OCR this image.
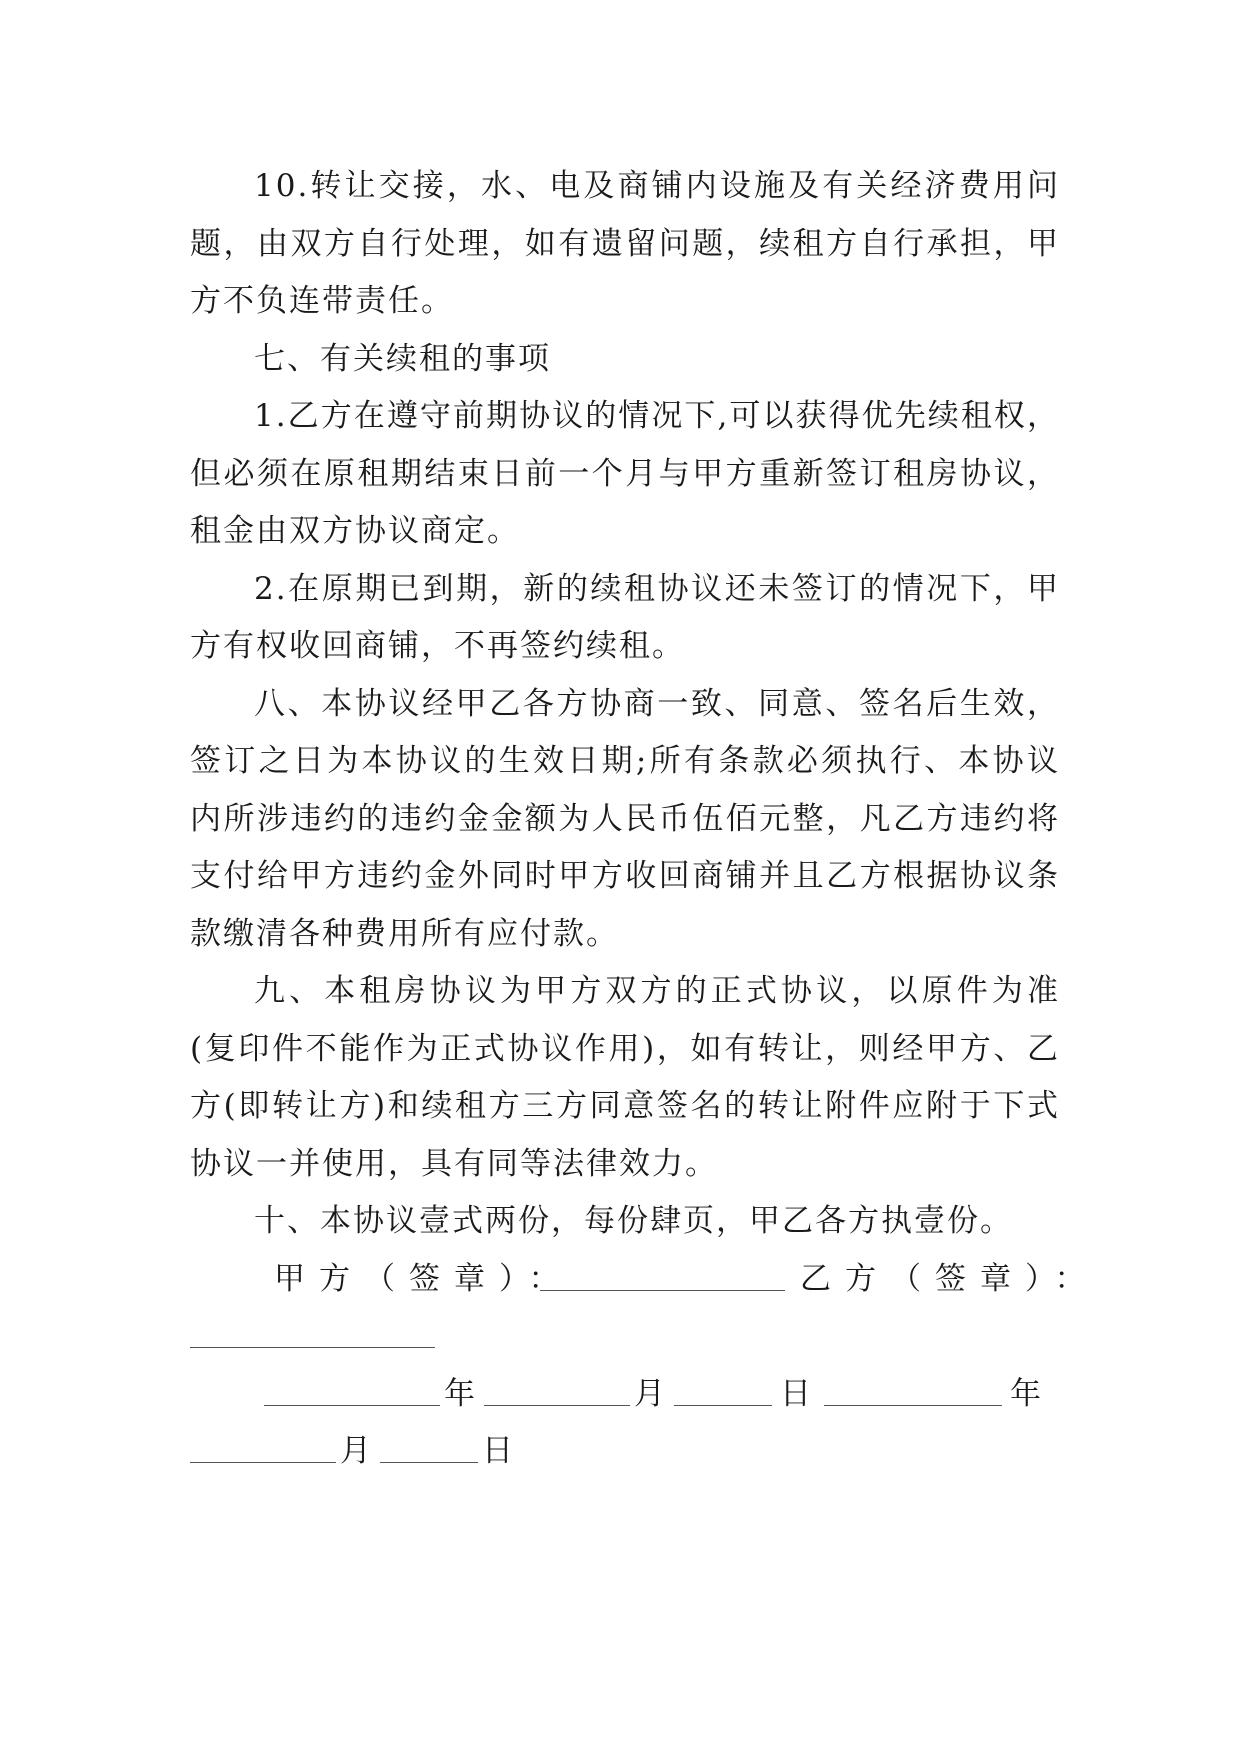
10.转让交接，水、电及商铺内设施及有关经济费用问题，由双方自行处理，如有遗留问题，续租方自行承担，甲方不负连带责任。

七、有关续租的事项

1.乙方在遵守前期协议的情况下,可以获得优先续租权，但必须在原租期结束日前一个月与甲方重新签订租房协议，租金由双方协议商定。

2.在原期已到期，新的续租协议还未签订的情况下，甲方有权收回商铺，不再签约续租。

八、本协议经甲乙各方协商一致、同意、签名后生效，签订之日为本协议的生效日期;所有条款必须执行、本协议内所涉违约的违约金金额为人民币伍佰元整，凡乙方违约将支付给甲方违约金外同时甲方收回商铺并且乙方根据协议条款缴清各种费用所有应付款。

九、本租房协议为甲方双方的正式协议，以原件为准(复印件不能作为正式协议作用)，如有转让，则经甲方、乙方(即转让方)和续租方三方同意签名的转让附件应附于下式协议一并使用，具有同等法律效力。

十、本协议壹式两份，每份肆页，甲乙各方执壹份。

甲方（签章）：	乙方（签章）：
年	月	日	年
月	日
